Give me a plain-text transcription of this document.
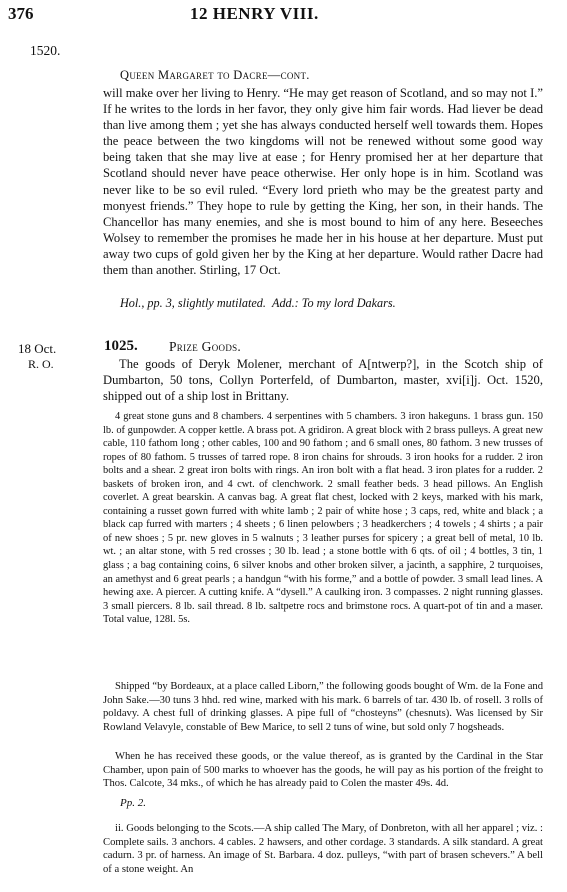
376	12 HENRY VIII.
1520.
Queen Margaret to Dacre—cont.

will make over her living to Henry. “He may get reason of Scotland, and so may not I.” If he writes to the lords in her favor, they only give him fair words. Had liever be dead than live among them ; yet she has always conducted herself well towards them. Hopes the peace between the two kingdoms will not be renewed without some good way being taken that she may live at ease ; for Henry promised her at her departure that Scotland should never have peace otherwise. Her only hope is in him. Scotland was never like to be so evil ruled. “Every lord prieth who may be the greatest party and monyest friends.” They hope to rule by getting the King, her son, in their hands. The Chancellor has many enemies, and she is most bound to him of any here. Beseeches Wolsey to remember the promises he made her in his house at her departure. Must put away two cups of gold given her by the King at her departure. Would rather Dacre had them than another. Stirling, 17 Oct.

Hol., pp. 3, slightly mutilated. Add.: To my lord Dakars.
18 Oct.
R. O.
1025. Prize Goods.

The goods of Deryk Molener, merchant of A[ntwerp?], in the Scotch ship of Dumbarton, 50 tons, Collyn Porterfeld, of Dumbarton, master, xvi[i]j. Oct. 1520, shipped out of a ship lost in Brittany.

4 great stone guns and 8 chambers. 4 serpentines with 5 chambers. 3 iron hakeguns. 1 brass gun. 150 lb. of gunpowder. A copper kettle. A brass pot. A gridiron. A great block with 2 brass pulleys. A great new cable, 110 fathom long ; other cables, 100 and 90 fathom ; and 6 small ones, 80 fathom. 3 new trusses of ropes of 80 fathom. 5 trusses of tarred rope. 8 iron chains for shrouds. 3 iron hooks for a rudder. 2 iron bolts and a shear. 2 great iron bolts with rings. An iron bolt with a flat head. 3 iron plates for a rudder. 2 baskets of broken iron, and 4 cwt. of clenchwork. 2 small feather beds. 3 head pillows. An English coverlet. A great bearskin. A canvas bag. A great flat chest, locked with 2 keys, marked with his mark, containing a russet gown furred with white lamb ; 2 pair of white hose ; 3 caps, red, white and black ; a black cap furred with marters ; 4 sheets ; 6 linen pelowbers ; 3 headkerchers ; 4 towels ; 4 shirts ; a pair of new shoes ; 5 pr. new gloves in 5 walnuts ; 3 leather purses for spicery ; a great bell of metal, 10 lb. wt. ; an altar stone, with 5 red crosses ; 30 lb. lead ; a stone bottle with 6 qts. of oil ; 4 bottles, 3 tin, 1 glass ; a bag containing coins, 6 silver knobs and other broken silver, a jacinth, a sapphire, 2 turquoises, an amethyst and 6 great pearls ; a handgun “with his forme,” and a bottle of powder. 3 small lead lines. A hewing axe. A piercer. A cutting knife. A “dysell.” A caulking iron. 3 compasses. 2 night running glasses. 3 small piercers. 8 lb. sail thread. 8 lb. saltpetre rocs and brimstone rocs. A quart-pot of tin and a maser. Total value, 128l. 5s.

Shipped “by Bordeaux, at a place called Liborn,” the following goods bought of Wm. de la Fone and John Sake.—30 tuns 3 hhd. red wine, marked with his mark. 6 barrels of tar. 430 lb. of rosell. 3 rolls of poldavy. A chest full of drinking glasses. A pipe full of “chosteyns” (chesnuts). Was licensed by Sir Rowland Velavyle, constable of Bew Marice, to sell 2 tuns of wine, but sold only 7 hogsheads.

When he has received these goods, or the value thereof, as is granted by the Cardinal in the Star Chamber, upon pain of 500 marks to whoever has the goods, he will pay as his portion of the freight to Thos. Calcote, 34 mks., of which he has already paid to Colen the master 49s. 4d.

Pp. 2.

ii. Goods belonging to the Scots.—A ship called The Mary, of Donbreton, with all her apparel ; viz. : Complete sails. 3 anchors. 4 cables. 2 hawsers, and other cordage. 3 standards. A silk standard. A great cadurn. 3 pr. of harness. An image of St. Barbara. 4 doz. pulleys, “with part of brasen schevers.” A bell of a stone weight. An
